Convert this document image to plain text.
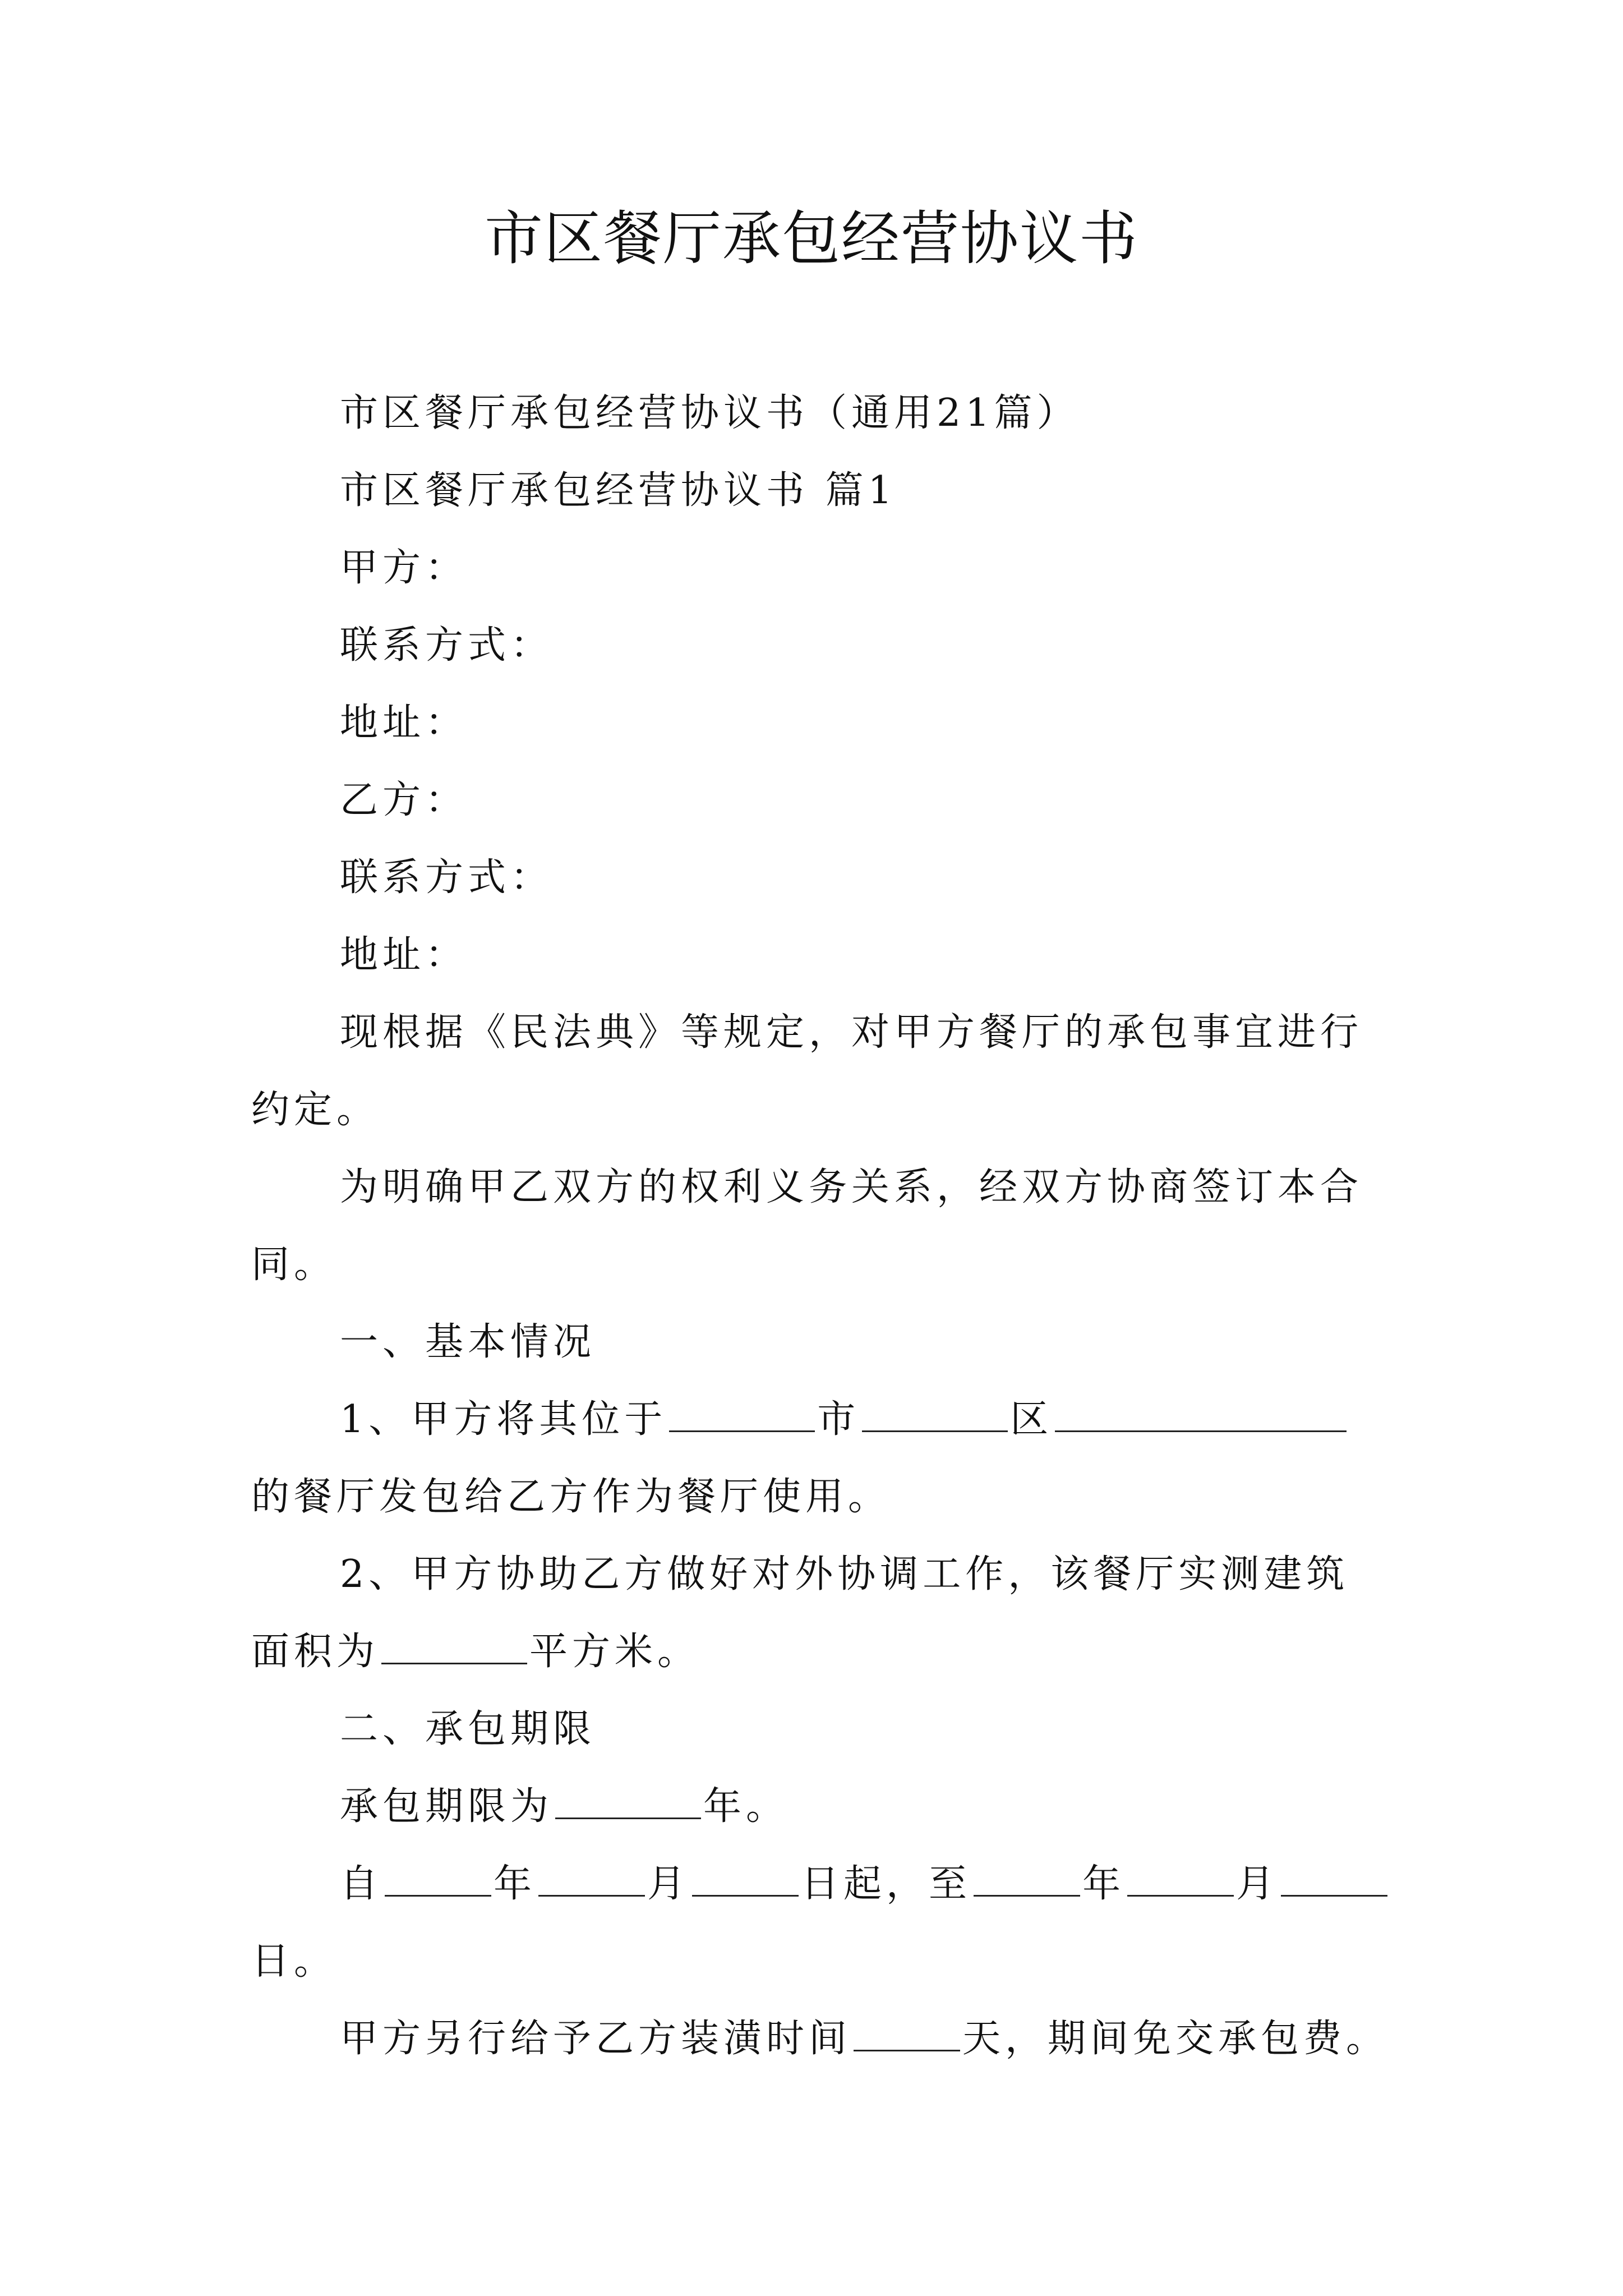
市区餐厅承包经营协议书

市区餐厅承包经营协议书（通用21篇）

市区餐厅承包经营协议书 篇1

甲方：

联系方式：

地址：

乙方：

联系方式：

地址：

现根据《民法典》等规定，对甲方餐厅的承包事宜进行

约定。

为明确甲乙双方的权利义务关系，经双方协商签订本合

同。

一、基本情况

1、甲方将其位于	市	区

的餐厅发包给乙方作为餐厅使用。

2、甲方协助乙方做好对外协调工作，该餐厅实测建筑

面积为	平方米。

二、承包期限

承包期限为	年。

自	年	月	日起，至	年	月

日。

甲方另行给予乙方装潢时间	天，期间免交承包费。
